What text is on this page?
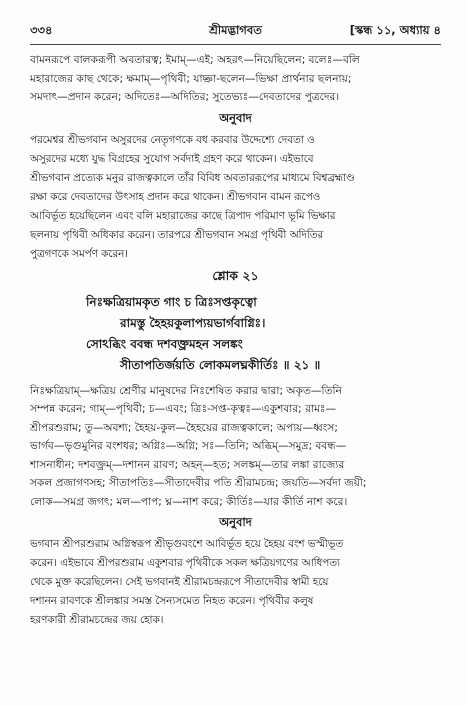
৩৩৪	শ্রীমদ্ভাগবত	[স্কন্ধ ১১, অধ্যায় ৪
বামনরূপে বালকরূপী অবতারত্ব; ইমাম্—এই; অহরৎ—নিয়েছিলেন; বলেঃ—বলি
মহারাজের কাছ থেকে; ক্ষমাম্—পৃথিবী; যাচ্ঞা-ছলেন—ভিক্ষা প্রার্থনার ছলনায়;
সমদাৎ—প্রদান করেন; অদিতেঃ—অদিতির; সুতেভ্যঃ—দেবতাদের পুত্রদের।
অনুবাদ
পরমেশ্বর শ্রীভগবান অসুরদের নেতৃগণকে বধ করবার উদ্দেশ্যে দেবতা ও
অসুরদের মধ্যে যুদ্ধ বিগ্রহের সুযোগ সর্বদাই গ্রহণ করে থাকেন। এইভাবে
শ্রীভগবান প্রত্যেক মনুর রাজত্বকালে তাঁর বিবিধ অবতাররূপের মাধ্যমে বিশ্বব্রহ্মাণ্ড
রক্ষা করে দেবতাদের উৎসাহ প্রদান করে থাকেন। শ্রীভগবান বামন রূপেও
আবির্ভূত হয়েছিলেন এবং বলি মহারাজের কাছে ত্রিপাদ পরিমাণ ভূমি ভিক্ষার
ছলনায় পৃথিবী অধিকার করেন। তারপরে শ্রীভগবান সমগ্র পৃথিবী অদিতির
পুত্রগণকে সমর্পণ করেন।
শ্লোক ২১
নিঃক্ষত্রিয়ামকৃত গাং চ ত্রিঃসপ্তকৃত্বো
রামস্তু হৈহয়কুলাপ্যয়ভার্গবাগ্নিঃ।
সোঽব্ধিং ববন্ধ দশবক্ত্রমহন সলঙ্কং
সীতাপতির্জয়তি লোকমলঘ্নকীর্তিঃ ॥ ২১ ॥
নিঃক্ষত্রিয়াম্—ক্ষত্রিয় শ্রেণীর মানুষদের নিঃশেষিত করার দ্বারা; অকৃত—তিনি
সম্পন্ন করেন; গাম্—পৃথিবী; চ—এবং; ত্রিঃ-সপ্ত-কৃত্বঃ—একুশবার; রামঃ—
শ্রীপরশুরাম; তু—অবশ্য; হৈহয়-কুল—হৈহয়ের রাজত্বকালে; অপ্যয়—ধ্বংস;
ভার্গব—ভৃগুমুনির বংশধর; অগ্নিঃ—অগ্নি; সঃ—তিনি; অব্ধিম্—সমুদ্র; ববন্ধ—
শাসনাধীন; দশবক্ত্রম্—দশানন রাবণ; অহন্—হত; সলঙ্কম্—তার লঙ্কা রাজ্যের
সকল প্রজাগণসহ; সীতাপতিঃ—সীতাদেবীর পতি শ্রীরামচন্দ্র; জয়তি—সর্বদা জয়ী;
লোক—সমগ্র জগৎ; মল—পাপ; ঘ্ন—নাশ করে; কীর্তিঃ—যার কীর্তি নাশ করে।
অনুবাদ
ভগবান শ্রীপরশুরাম অগ্নিস্বরূপ শ্রীভৃগুবংশে আবির্ভূত হয়ে হৈহয় বংশ ভস্মীভূত
করেন। এইভাবে শ্রীপরশুরাম একুশবার পৃথিবীকে সকল ক্ষত্রিয়গণের আধিপত্য
থেকে মুক্ত করেছিলেন। সেই ভগবানই শ্রীরামচন্দ্ররূপে সীতাদেবীর স্বামী হয়ে
দশানন রাবণকে শ্রীলঙ্কার সমস্ত সৈন্যসমেত নিহত করেন। পৃথিবীর কলুষ
হরণকারী শ্রীরামচন্দ্রের জয় হোক।
